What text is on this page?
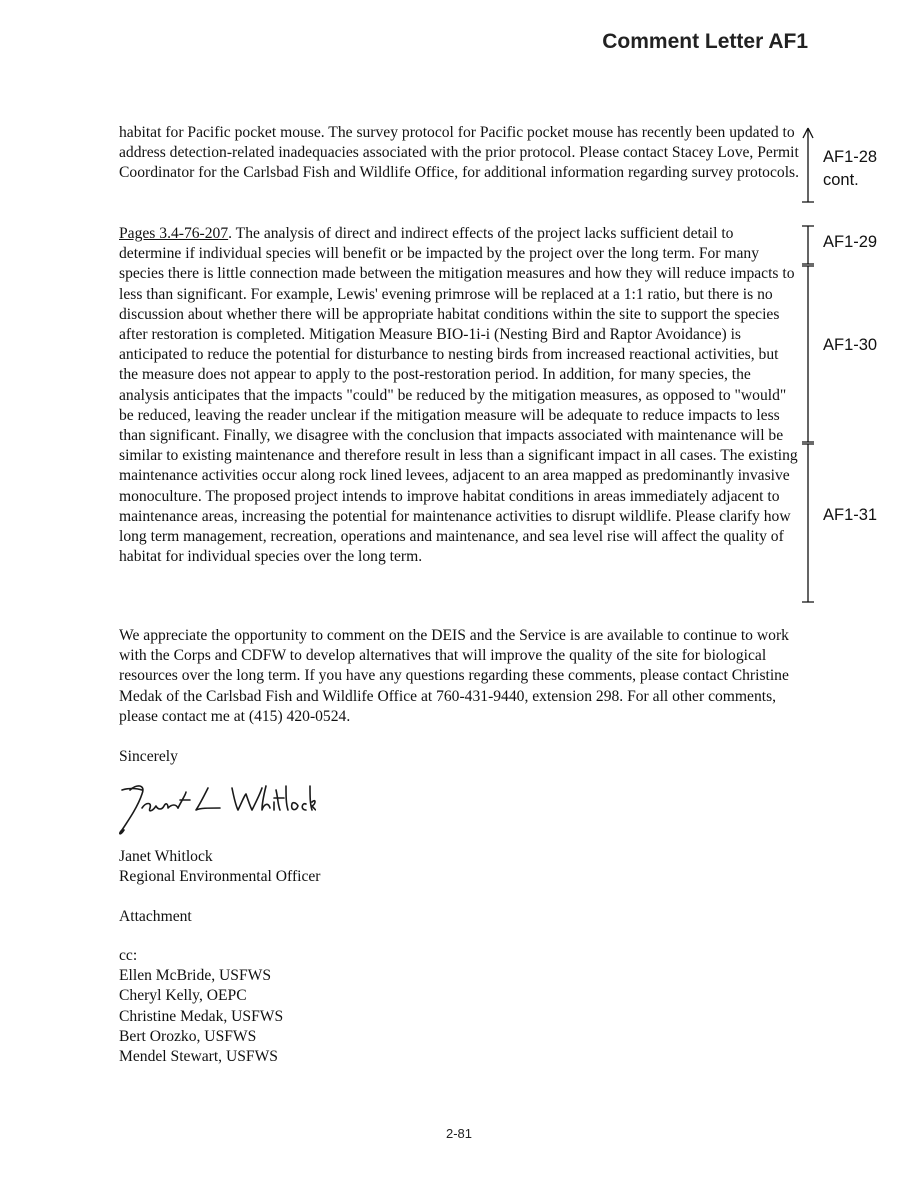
Comment Letter AF1

habitat for Pacific pocket mouse. The survey protocol for Pacific pocket mouse has recently been updated to address detection-related inadequacies associated with the prior protocol. Please contact Stacey Love, Permit Coordinator for the Carlsbad Fish and Wildlife Office, for additional information regarding survey protocols.

Pages 3.4-76-207. The analysis of direct and indirect effects of the project lacks sufficient detail to determine if individual species will benefit or be impacted by the project over the long term. For many species there is little connection made between the mitigation measures and how they will reduce impacts to less than significant. For example, Lewis' evening primrose will be replaced at a 1:1 ratio, but there is no discussion about whether there will be appropriate habitat conditions within the site to support the species after restoration is completed. Mitigation Measure BIO-1i-i (Nesting Bird and Raptor Avoidance) is anticipated to reduce the potential for disturbance to nesting birds from increased reactional activities, but the measure does not appear to apply to the post-restoration period. In addition, for many species, the analysis anticipates that the impacts "could" be reduced by the mitigation measures, as opposed to "would" be reduced, leaving the reader unclear if the mitigation measure will be adequate to reduce impacts to less than significant. Finally, we disagree with the conclusion that impacts associated with maintenance will be similar to existing maintenance and therefore result in less than a significant impact in all cases. The existing maintenance activities occur along rock lined levees, adjacent to an area mapped as predominantly invasive monoculture. The proposed project intends to improve habitat conditions in areas immediately adjacent to maintenance areas, increasing the potential for maintenance activities to disrupt wildlife. Please clarify how long term management, recreation, operations and maintenance, and sea level rise will affect the quality of habitat for individual species over the long term.

We appreciate the opportunity to comment on the DEIS and the Service is are available to continue to work with the Corps and CDFW to develop alternatives that will improve the quality of the site for biological resources over the long term. If you have any questions regarding these comments, please contact Christine Medak of the Carlsbad Fish and Wildlife Office at 760-431-9440, extension 298. For all other comments, please contact me at (415) 420-0524.

Sincerely
Janet Whitlock
Regional Environmental Officer
Attachment
cc:
Ellen McBride, USFWS
Cheryl Kelly, OEPC
Christine Medak, USFWS
Bert Orozko, USFWS
Mendel Stewart, USFWS
AF1-28
cont.
AF1-29
AF1-30
AF1-31
2-81
